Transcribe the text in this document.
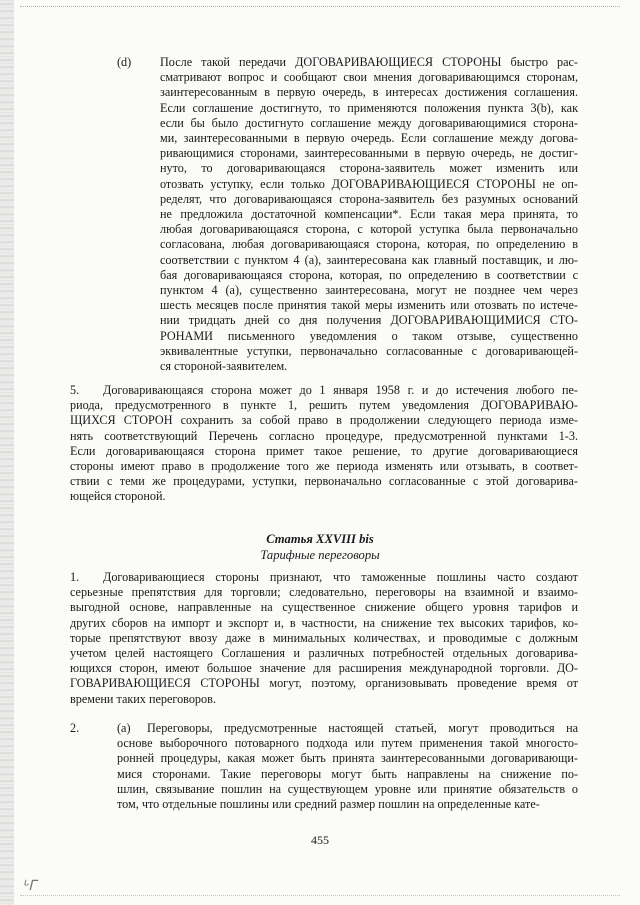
(d) После такой передачи ДОГОВАРИВАЮЩИЕСЯ СТОРОНЫ быстро рас-
сматривают вопрос и сообщают свои мнения договаривающимся сторонам,
заинтересованным в первую очередь, в интересах достижения соглашения.
Если соглашение достигнуто, то применяются положения пункта 3(b), как
если бы было достигнуто соглашение между договаривающимися сторона-
ми, заинтересованными в первую очередь. Если соглашение между догова-
ривающимися сторонами, заинтересованными в первую очередь, не достиг-
нуто, то договаривающаяся сторона-заявитель может изменить или
отозвать уступку, если только ДОГОВАРИВАЮЩИЕСЯ СТОРОНЫ не оп-
ределят, что договаривающаяся сторона-заявитель без разумных оснований
не предложила достаточной компенсации*. Если такая мера принята, то
любая договаривающаяся сторона, с которой уступка была первоначально
согласована, любая договаривающаяся сторона, которая, по определению в
соответствии с пунктом 4 (а), заинтересована как главный поставщик, и лю-
бая договаривающаяся сторона, которая, по определению в соответствии с
пунктом 4 (а), существенно заинтересована, могут не позднее чем через
шесть месяцев после принятия такой меры изменить или отозвать по истече-
нии тридцать дней со дня получения ДОГОВАРИВАЮЩИМИСЯ СТО-
РОНАМИ письменного уведомления о таком отзыве, существенно
эквивалентные уступки, первоначально согласованные с договаривающей-
ся стороной-заявителем.
5.	Договаривающаяся сторона может до 1 января 1958 г. и до истечения любого пе-
риода, предусмотренного в пункте 1, решить путем уведомления ДОГОВАРИВАЮ-
ЩИХСЯ СТОРОН сохранить за собой право в продолжении следующего периода изме-
нять соответствующий Перечень согласно процедуре, предусмотренной пунктами 1-3.
Если договаривающаяся сторона примет такое решение, то другие договаривающиеся
стороны имеют право в продолжение того же периода изменять или отзывать, в соответ-
ствии с теми же процедурами, уступки, первоначально согласованные с этой договарива-
ющейся стороной.
Статья XXVIII bis
Тарифные переговоры
1.	Договаривающиеся стороны признают, что таможенные пошлины часто создают
серьезные препятствия для торговли; следовательно, переговоры на взаимной и взаимо-
выгодной основе, направленные на существенное снижение общего уровня тарифов и
других сборов на импорт и экспорт и, в частности, на снижение тех высоких тарифов, ко-
торые препятствуют ввозу даже в минимальных количествах, и проводимые с должным
учетом целей настоящего Соглашения и различных потребностей отдельных договарива-
ющихся сторон, имеют большое значение для расширения международной торговли. ДО-
ГОВАРИВАЮЩИЕСЯ СТОРОНЫ могут, поэтому, организовывать проведение время от
времени таких переговоров.
2.	(а)	Переговоры, предусмотренные настоящей статьей, могут проводиться на
основе выборочного потоварного подхода или путем применения такой многосто-
ронней процедуры, какая может быть принята заинтересованными договаривающи-
мися сторонами. Такие переговоры могут быть направлены на снижение по-
шлин, связывание пошлин на существующем уровне или принятие обязательств о
том, что отдельные пошлины или средний размер пошлин на определенные кате-
455
ᒡᒥ
